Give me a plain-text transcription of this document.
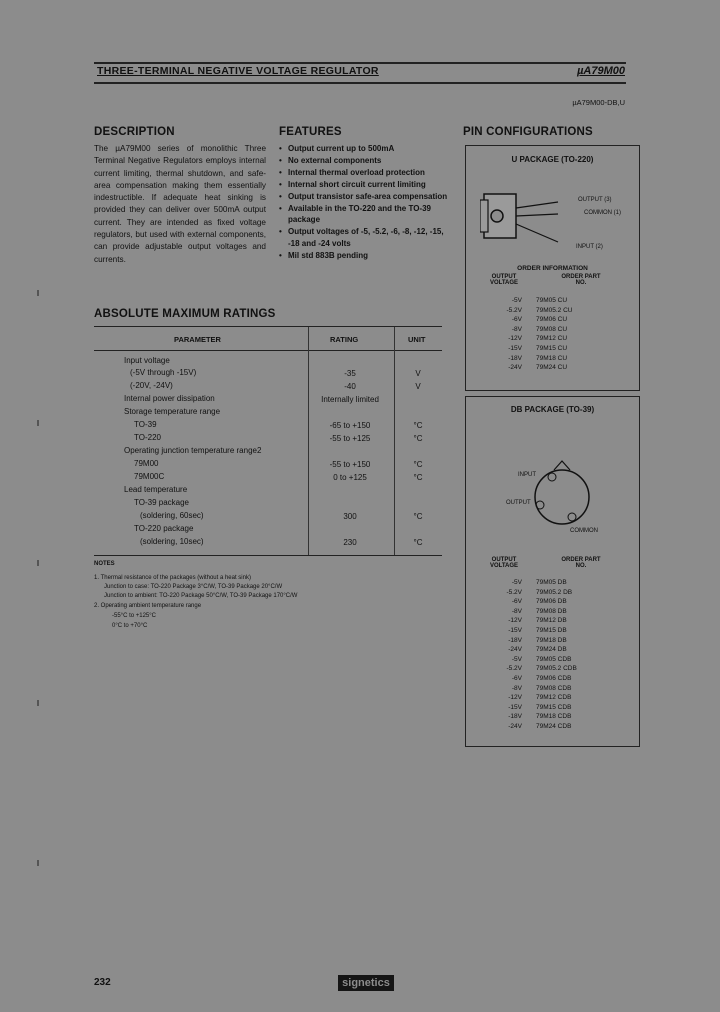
THREE-TERMINAL NEGATIVE VOLTAGE REGULATOR	µA79M00
µA79M00-DB,U
DESCRIPTION
The µA79M00 series of monolithic Three Terminal Negative Regulators employs internal current limiting, thermal shutdown, and safe-area compensation making them essentially indestructible. If adequate heat sinking is provided they can deliver over 500mA output current. They are intended as fixed voltage regulators, but used with external components, can provide adjustable output voltages and currents.
FEATURES
• Output current up to 500mA
• No external components
• Internal thermal overload protection
• Internal short circuit current limiting
• Output transistor safe-area compensation
• Available in the TO-220 and the TO-39 package
• Output voltages of -5, -5.2, -6, -8, -12, -15, -18 and -24 volts
• Mil std 883B pending
ABSOLUTE MAXIMUM RATINGS
PARAMETER	RATING	UNIT
Input voltage
(-5V through -15V)	-35	V
(-20V, -24V)	-40	V
Internal power dissipation	Internally limited
Storage temperature range
TO-39	-65 to +150	°C
TO-220	-55 to +125	°C
Operating junction temperature range2
79M00	-55 to +150	°C
79M00C	0 to +125	°C
Lead temperature
TO-39 package
(soldering, 60sec)	300	°C
TO-220 package
(soldering, 10sec)	230	°C
NOTES
1. Thermal resistance of the packages (without a heat sink)
Junction to case: TO-220 Package 3°C/W, TO-39 Package 20°C/W
Junction to ambient: TO-220 Package 50°C/W, TO-39 Package 170°C/W
2. Operating ambient temperature range
-55°C to +125°C
0°C to +70°C
PIN CONFIGURATIONS
U PACKAGE (TO-220)
OUTPUT (3)
COMMON (1)
INPUT (2)
ORDER INFORMATION
OUTPUT VOLTAGE
ORDER PART NO.
-5V 79M05 CU
-5.2V 79M05.2 CU
-6V 79M06 CU
-8V 79M08 CU
-12V 79M12 CU
-15V 79M15 CU
-18V 79M18 CU
-24V 79M24 CU
DB PACKAGE (TO-39)
INPUT
OUTPUT
COMMON
OUTPUT VOLTAGE
ORDER PART NO.
-5V 79M05 DB
-5.2V 79M05.2 DB
-6V 79M06 DB
-8V 79M08 DB
-12V 79M12 DB
-15V 79M15 DB
-18V 79M18 DB
-24V 79M24 DB
-5V 79M05 CDB
-5.2V 79M05.2 CDB
-6V 79M06 CDB
-8V 79M08 CDB
-12V 79M12 CDB
-15V 79M15 CDB
-18V 79M18 CDB
-24V 79M24 CDB
232	signetics
